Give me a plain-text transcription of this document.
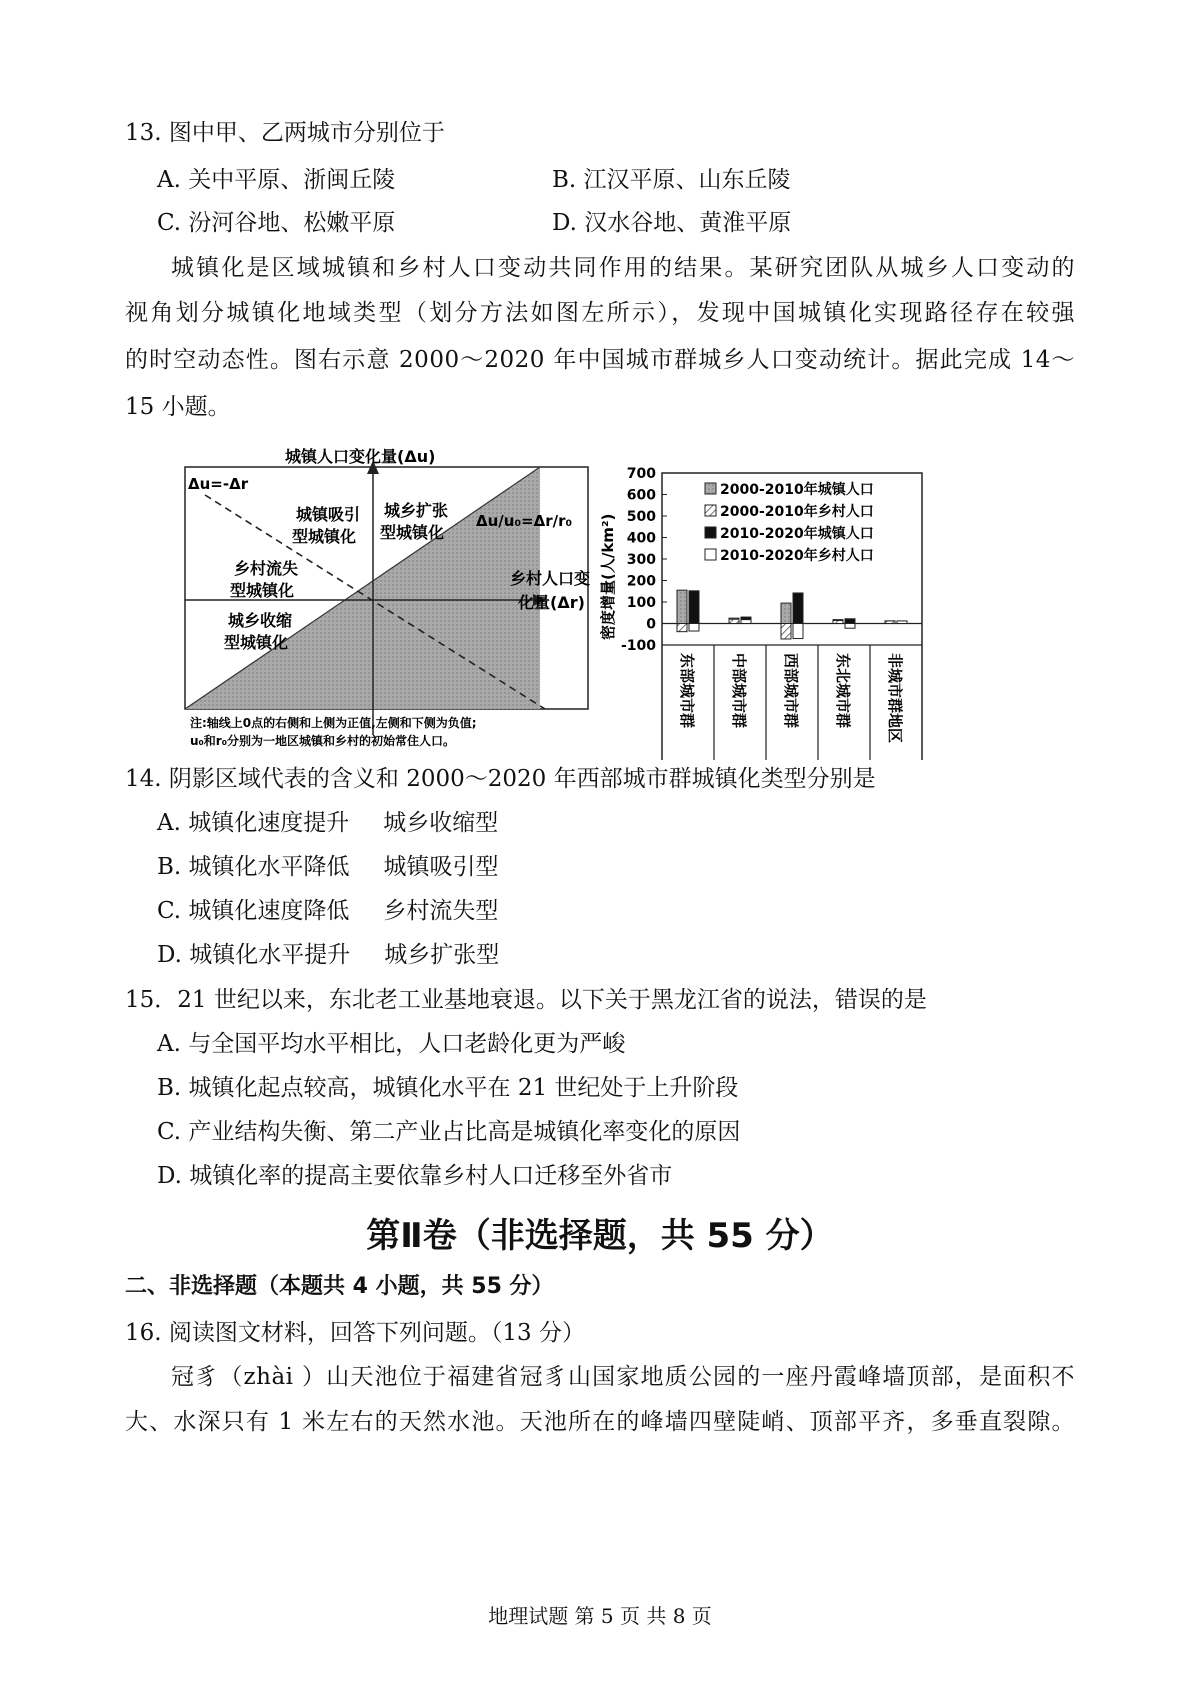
13. 图中甲、乙两城市分别位于
A. 关中平原、浙闽丘陵	B. 江汉平原、山东丘陵
C. 汾河谷地、松嫩平原	D. 汉水谷地、黄淮平原
城镇化是区域城镇和乡村人口变动共同作用的结果。某研究团队从城乡人口变动的
视角划分城镇化地域类型（划分方法如图左所示），发现中国城镇化实现路径存在较强
的时空动态性。图右示意 2000～2020 年中国城市群城乡人口变动统计。据此完成 14～
15 小题。
城镇人口变化量(Δu)
乡村人口变
化量(Δr)
Δu=-Δr
Δu/u₀=Δr/r₀
城镇吸引
型城镇化
城乡扩张
型城镇化
乡村流失
型城镇化
城乡收缩
型城镇化
注:轴线上0点的右侧和上侧为正值,左侧和下侧为负值;
u₀和r₀分别为一地区城镇和乡村的初始常住人口。
密度增量(人/km²)
700
600
500
400
300
200
100
0
-100
东部城市群 中部城市群 西部城市群 东北城市群 非城市群地区
2000-2010年城镇人口
2000-2010年乡村人口
2010-2020年城镇人口
2010-2020年乡村人口
14. 阴影区域代表的含义和 2000～2020 年西部城市群城镇化类型分别是
A. 城镇化速度提升 城乡收缩型
B. 城镇化水平降低 城镇吸引型
C. 城镇化速度降低 乡村流失型
D. 城镇化水平提升 城乡扩张型
15．21 世纪以来，东北老工业基地衰退。以下关于黑龙江省的说法，错误的是
A. 与全国平均水平相比，人口老龄化更为严峻
B. 城镇化起点较高，城镇化水平在 21 世纪处于上升阶段
C. 产业结构失衡、第二产业占比高是城镇化率变化的原因
D. 城镇化率的提高主要依靠乡村人口迁移至外省市
第Ⅱ卷（非选择题，共 55 分）
二、非选择题（本题共 4 小题，共 55 分）
16. 阅读图文材料，回答下列问题。（13 分）
冠豸（zhài ）山天池位于福建省冠豸山国家地质公园的一座丹霞峰墙顶部，是面积不
大、水深只有 1 米左右的天然水池。天池所在的峰墙四壁陡峭、顶部平齐，多垂直裂隙。
地理试题 第 5 页 共 8 页
